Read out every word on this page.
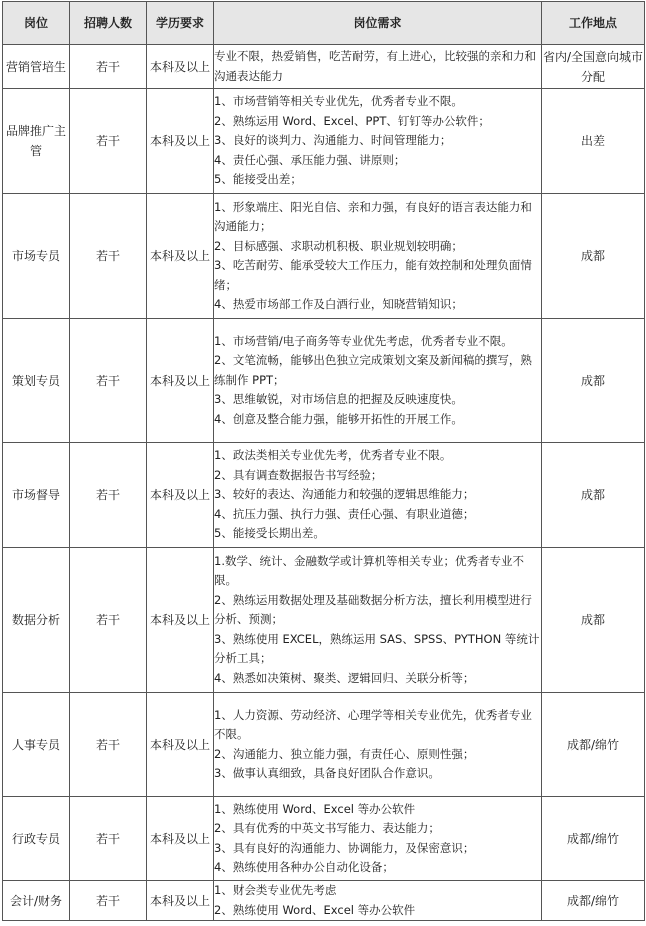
岗位	招聘人数	学历要求	岗位需求	工作地点
营销管培生	若干	本科及以上	专业不限，热爱销售，吃苦耐劳，有上进心，比较强的亲和力和沟通表达能力	省内/全国意向城市分配
品牌推广主管	若干	本科及以上	1、市场营销等相关专业优先，优秀者专业不限。
2、熟练运用 Word、Excel、PPT、钉钉等办公软件；
3、良好的谈判力、沟通能力、时间管理能力；
4、责任心强、承压能力强、讲原则；
5、能接受出差；	出差
市场专员	若干	本科及以上	1、形象端庄、阳光自信、亲和力强，有良好的语言表达能力和沟通能力；
2、目标感强、求职动机积极、职业规划较明确；
3、吃苦耐劳、能承受较大工作压力，能有效控制和处理负面情绪；
4、热爱市场部工作及白酒行业，知晓营销知识；	成都
策划专员	若干	本科及以上	1、市场营销/电子商务等专业优先考虑，优秀者专业不限。
2、文笔流畅，能够出色独立完成策划文案及新闻稿的撰写，熟练制作 PPT；
3、思维敏锐，对市场信息的把握及反映速度快。
4、创意及整合能力强，能够开拓性的开展工作。	成都
市场督导	若干	本科及以上	1、政法类相关专业优先考，优秀者专业不限。
2、具有调查数据报告书写经验；
3、较好的表达、沟通能力和较强的逻辑思维能力；
4、抗压力强、执行力强、责任心强、有职业道德；
5、能接受长期出差。	成都
数据分析	若干	本科及以上	1.数学、统计、金融数学或计算机等相关专业；优秀者专业不限。
2、熟练运用数据处理及基础数据分析方法，擅长利用模型进行分析、预测；
3、熟练使用 EXCEL，熟练运用 SAS、SPSS、PYTHON 等统计分析工具；
4、熟悉如决策树、聚类、逻辑回归、关联分析等；	成都
人事专员	若干	本科及以上	1、人力资源、劳动经济、心理学等相关专业优先，优秀者专业不限。
2、沟通能力、独立能力强，有责任心、原则性强；
3、做事认真细致，具备良好团队合作意识。	成都/绵竹
行政专员	若干	本科及以上	1、熟练使用 Word、Excel 等办公软件
2、具有优秀的中英文书写能力、表达能力；
3、具有良好的沟通能力、协调能力，及保密意识；
4、熟练使用各种办公自动化设备；	成都/绵竹
会计/财务	若干	本科及以上	1、财会类专业优先考虑
2、熟练使用 Word、Excel 等办公软件	成都/绵竹
